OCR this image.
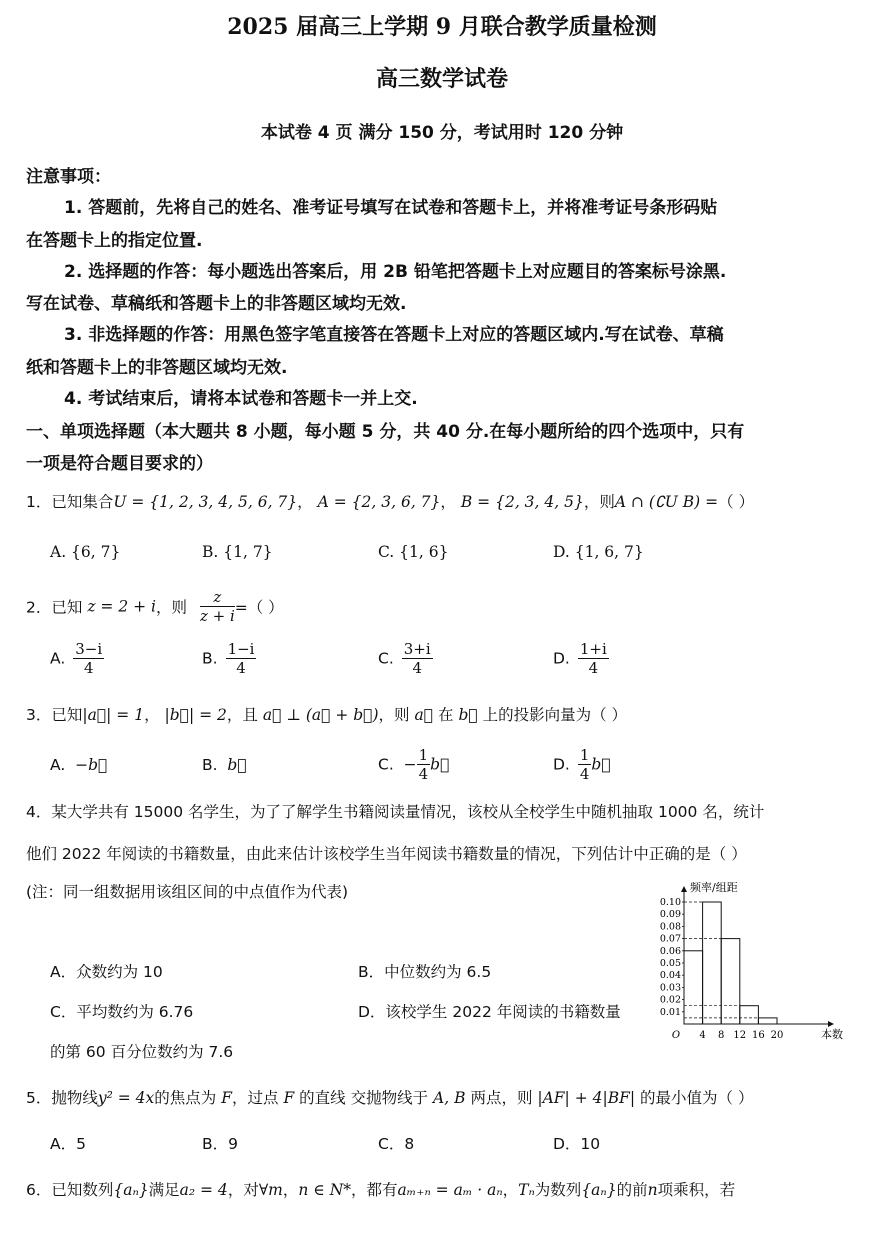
2025 届高三上学期 9 月联合教学质量检测
高三数学试卷
本试卷 4 页 满分 150 分，考试用时 120 分钟
注意事项：
1. 答题前，先将自己的姓名、准考证号填写在试卷和答题卡上，并将准考证号条形码贴
在答题卡上的指定位置.
2. 选择题的作答：每小题选出答案后，用 2B 铅笔把答题卡上对应题目的答案标号涂黑.
写在试卷、草稿纸和答题卡上的非答题区域均无效.
3. 非选择题的作答：用黑色签字笔直接答在答题卡上对应的答题区域内.写在试卷、草稿
纸和答题卡上的非答题区域均无效.
4. 考试结束后，请将本试卷和答题卡一并上交.
一、单项选择题（本大题共 8 小题，每小题 5 分，共 40 分.在每小题所给的四个选项中，只有
一项是符合题目要求的）
1．已知集合U = {1, 2, 3, 4, 5, 6, 7}， A = {2, 3, 6, 7}， B = {2, 3, 4, 5}，则A ∩ (∁U B) =（ ）
A. {6, 7}	B. {1, 7}	C. {1, 6}	D. {1, 6, 7}
2．已知 z = 2 + i，则 $\frac{z}{z + i}$ =（ ）
A. $\frac{3-i}{4}$	B. $\frac{1-i}{4}$	C. $\frac{3+i}{4}$	D. $\frac{1+i}{4}$
3．已知|a⃗| = 1， |b⃗| = 2，且 a⃗ ⊥ (a⃗ + b⃗)，则 a⃗ 在 b⃗ 上的投影向量为（ ）
A. −b⃗	B. b⃗	C. − $\frac{1}{4}$ b⃗	D. $\frac{1}{4}$ b⃗
4．某大学共有 15000 名学生，为了了解学生书籍阅读量情况，该校从全校学生中随机抽取 1000 名，统计
他们 2022 年阅读的书籍数量，由此来估计该校学生当年阅读书籍数量的情况，下列估计中正确的是（ ）
(注：同一组数据用该组区间的中点值作为代表)
A．众数约为 10	B．中位数约为 6.5
C．平均数约为 6.76	D．该校学生 2022 年阅读的书籍数量
的第 60 百分位数约为 7.6
0.10
0.09
0.08
0.07
0.06
0.05
0.04
0.03
0.02
0.01
4 8 12 16 20
O	本数
频率/组距
5．抛物线y² = 4x的焦点为 F，过点 F 的直线 交抛物线于 A, B 两点，则 |AF| + 4|BF| 的最小值为（ ）
A．5	B．9	C．8	D．10
6．已知数列{aₙ}满足a₂ = 4，对∀m，n ∈ N*，都有aₘ₊ₙ = aₘ · aₙ，Tₙ为数列{aₙ}的前n项乘积，若
